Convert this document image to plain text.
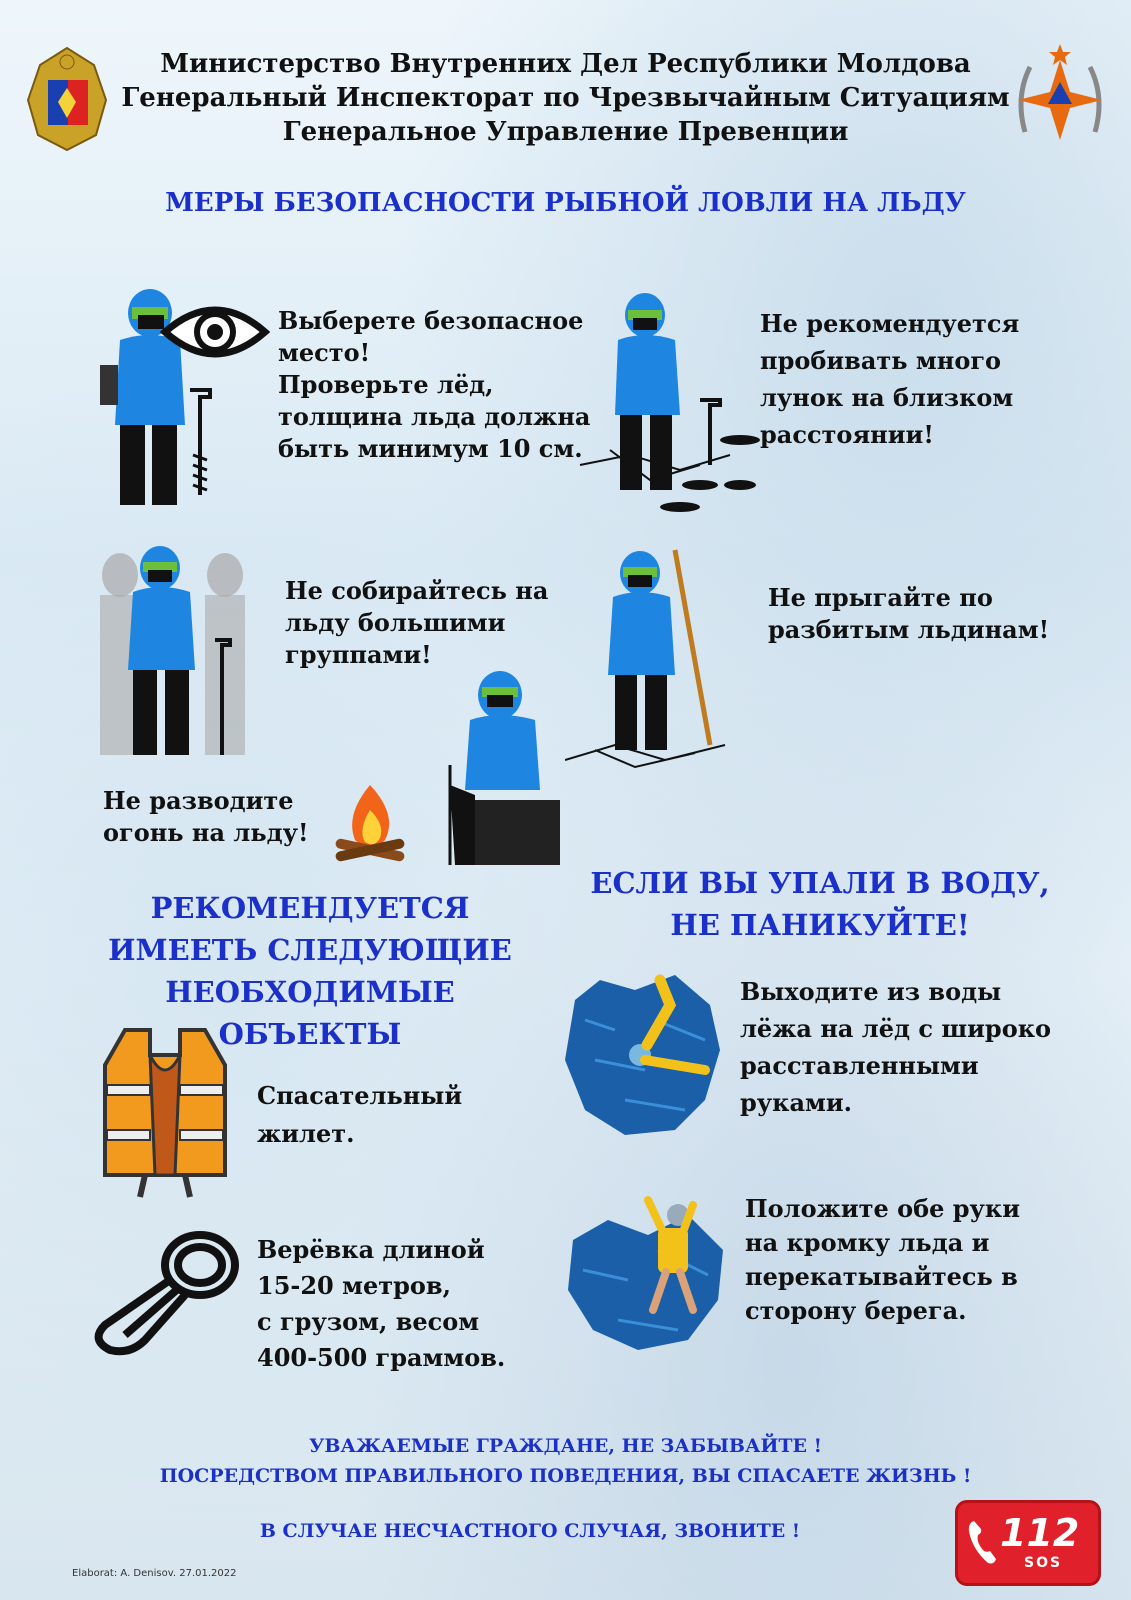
Министерство Внутренних Дел Республики Молдова
Генеральный Инспекторат по Чрезвычайным Ситуациям
Генеральное Управление Превенции
МЕРЫ БЕЗОПАСНОСТИ РЫБНОЙ ЛОВЛИ НА ЛЬДУ
Выберете безопасное
место!
Проверьте лёд,
толщина льда должна
быть минимум 10 см.
Не рекомендуется
пробивать много
лунок на близком
расстоянии!
Не собирайтесь на
льду большими
группами!
Не прыгайте по
разбитым льдинам!
Не разводите
огонь на льду!
РЕКОМЕНДУЕТСЯ
ИМЕЕТЬ СЛЕДУЮЩИЕ
НЕОБХОДИМЫЕ ОБЪЕКТЫ
Спасательный
жилет.
Верёвка длиной
15-20 метров,
с грузом, весом
400-500 граммов.
ЕСЛИ ВЫ УПАЛИ В ВОДУ,
НЕ ПАНИКУЙТЕ!
Выходите из воды
лёжа на лёд с широко
расставленными
руками.
Положите обе руки
на кромку льда и
перекатывайтесь в
сторону берега.
УВАЖАЕМЫЕ ГРАЖДАНЕ, НЕ ЗАБЫВАЙТЕ !
ПОСРЕДСТВОМ ПРАВИЛЬНОГО ПОВЕДЕНИЯ, ВЫ СПАСАЕТЕ ЖИЗНЬ !
В СЛУЧАЕ НЕСЧАСТНОГО СЛУЧАЯ, ЗВОНИТЕ !	112
SOS
Elaborat: A. Denisov. 27.01.2022
